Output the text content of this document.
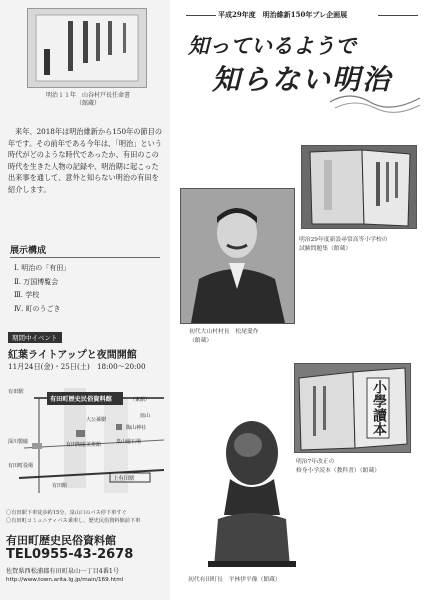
明治１１年　山谷村戸長任命書
（館蔵）
来年、2018年は明治維新から150年の節目の年です。その前年である今年は、「明治」という時代がどのような時代であったか、有田のこの時代を生きた人物の記録や、明治期に起こった出来事を通して、意外と知らない明治の有田を紹介します。
展示構成
Ⅰ. 明治の「有田」
Ⅱ. 万国博覧会
Ⅲ. 学校
Ⅳ. 町のうごき
期間中イベント
紅葉ライトアップと夜間開館
11月24日(金)・25日(土)　18:00～20:00
有田町歴史民俗資料館	（東館）
有田駅
大公孫樹
陶山神社
有田陶磁美術館	泉山磁石場
皿山
深川製磁
有田町役場
有田館
上有田駅
〇有田駅下車徒歩約15分、泉山口のバス停下車すぐ
〇有田町コミュニティバス乗車し、歴史民俗資料館前下車
有田町歴史民俗資料館
TEL0955-43-2678
佐賀県西松浦郡有田町泉山一丁目4番1号
http://www.town.arita.lg.jp/main/169.html
平成29年度　明治維新150年プレ企画展
知っているようで
知らない明治
明治29年度新設尋常高等小学校の
試験問題集（館蔵）
初代大山村村長　松尾愛作
（館蔵）
小學讀本
明治7年改正の
修身小学読本（教科書）（館蔵）
初代有田町長　平林伊平像（館蔵）
